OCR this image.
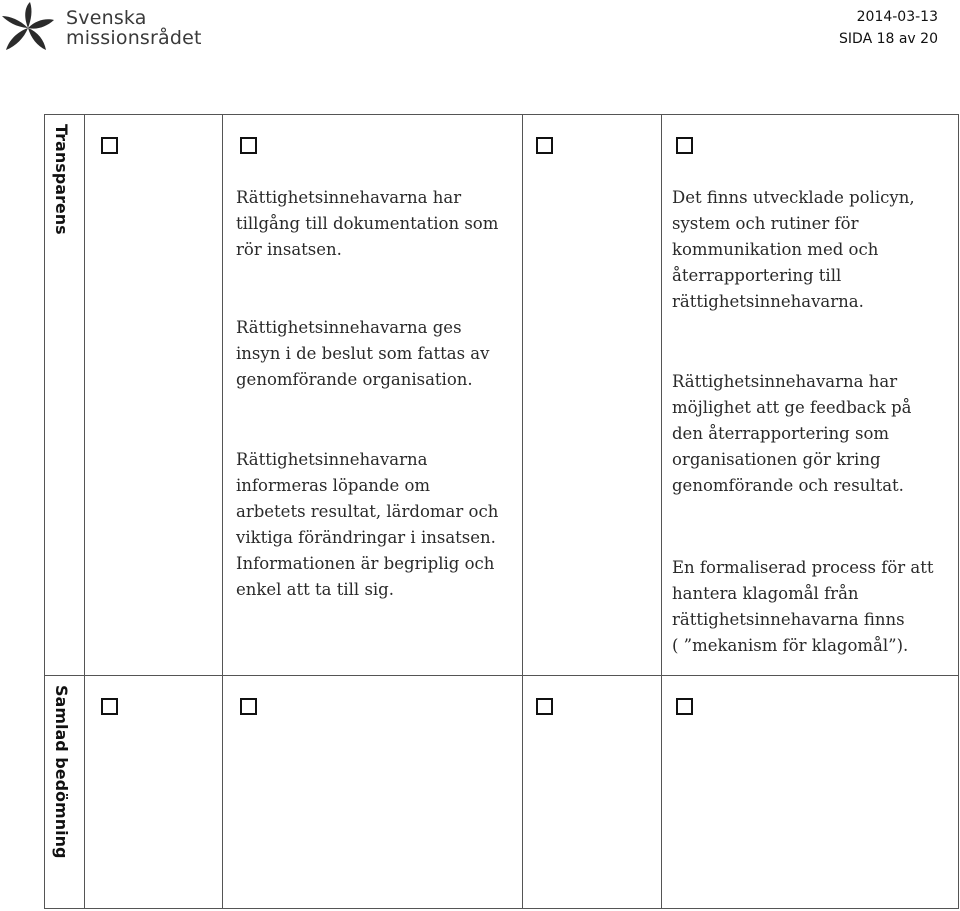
Svenska
missionsrådet
2014-03-13
SIDA 18 av 20
Transparens	Rättighetsinnehavarna har
tillgång till dokumentation som
rör insatsen.

Rättighetsinnehavarna ges
insyn i de beslut som fattas av
genomförande organisation.

Rättighetsinnehavarna
informeras löpande om
arbetets resultat, lärdomar och
viktiga förändringar i insatsen.
Informationen är begriplig och
enkel att ta till sig.

Det finns utvecklade policyn,
system och rutiner för
kommunikation med och
återrapportering till
rättighetsinnehavarna.

Rättighetsinnehavarna har
möjlighet att ge feedback på
den återrapportering som
organisationen gör kring
genomförande och resultat.

En formaliserad process för att
hantera klagomål från
rättighetsinnehavarna finns
( ”mekanism för klagomål”).

Samlad bedömning
